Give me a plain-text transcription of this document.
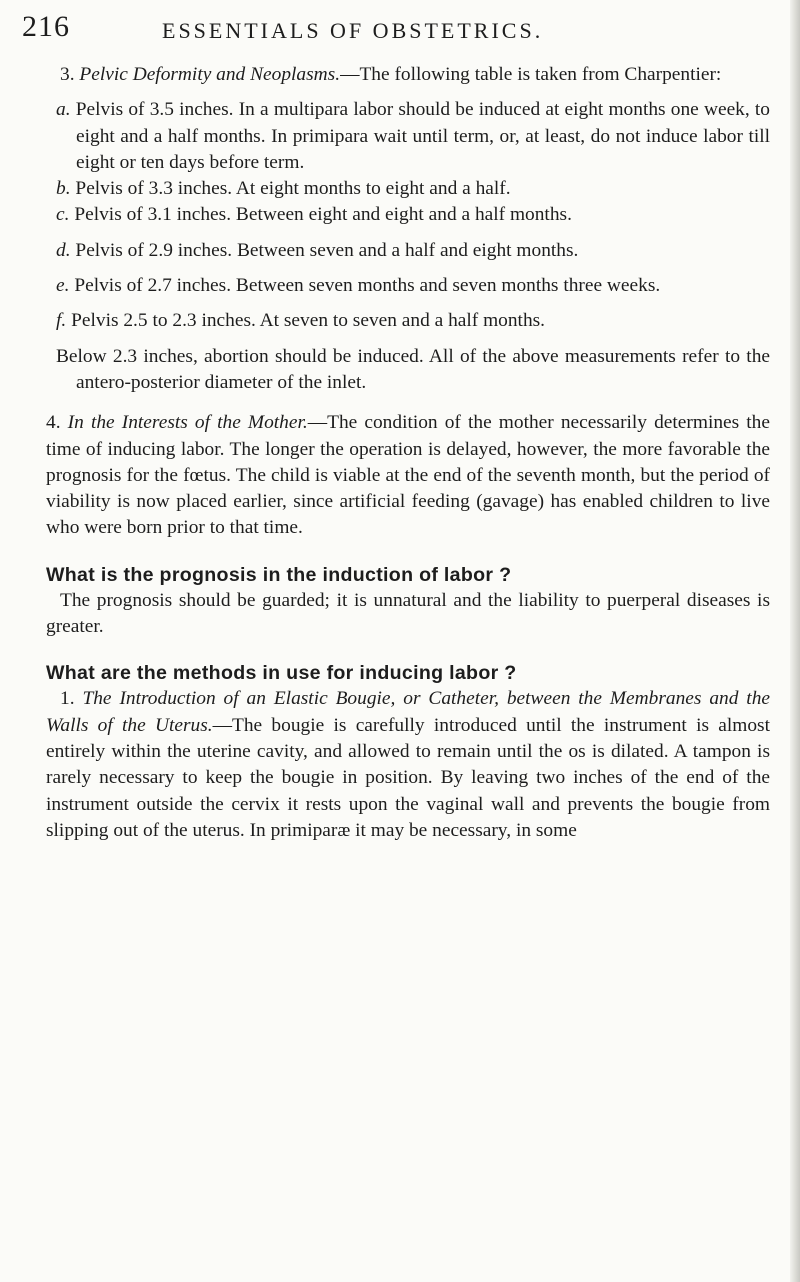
216	ESSENTIALS OF OBSTETRICS.

3. Pelvic Deformity and Neoplasms.—The following table is taken from Charpentier:

a. Pelvis of 3.5 inches. In a multipara labor should be induced at eight months one week, to eight and a half months. In primipara wait until term, or, at least, do not induce labor till eight or ten days before term.

b. Pelvis of 3.3 inches. At eight months to eight and a half.

c. Pelvis of 3.1 inches. Between eight and eight and a half months.

d. Pelvis of 2.9 inches. Between seven and a half and eight months.

e. Pelvis of 2.7 inches. Between seven months and seven months three weeks.

f. Pelvis 2.5 to 2.3 inches. At seven to seven and a half months.

Below 2.3 inches, abortion should be induced. All of the above measurements refer to the antero-posterior diameter of the inlet.

4. In the Interests of the Mother.—The condition of the mother necessarily determines the time of inducing labor. The longer the operation is delayed, however, the more favorable the prognosis for the fœtus. The child is viable at the end of the seventh month, but the period of viability is now placed earlier, since artificial feeding (gavage) has enabled children to live who were born prior to that time.

What is the prognosis in the induction of labor ?

The prognosis should be guarded; it is unnatural and the liability to puerperal diseases is greater.

What are the methods in use for inducing labor ?

1. The Introduction of an Elastic Bougie, or Catheter, between the Membranes and the Walls of the Uterus.—The bougie is carefully introduced until the instrument is almost entirely within the uterine cavity, and allowed to remain until the os is dilated. A tampon is rarely necessary to keep the bougie in position. By leaving two inches of the end of the instrument outside the cervix it rests upon the vaginal wall and prevents the bougie from slipping out of the uterus. In primiparæ it may be necessary, in some
